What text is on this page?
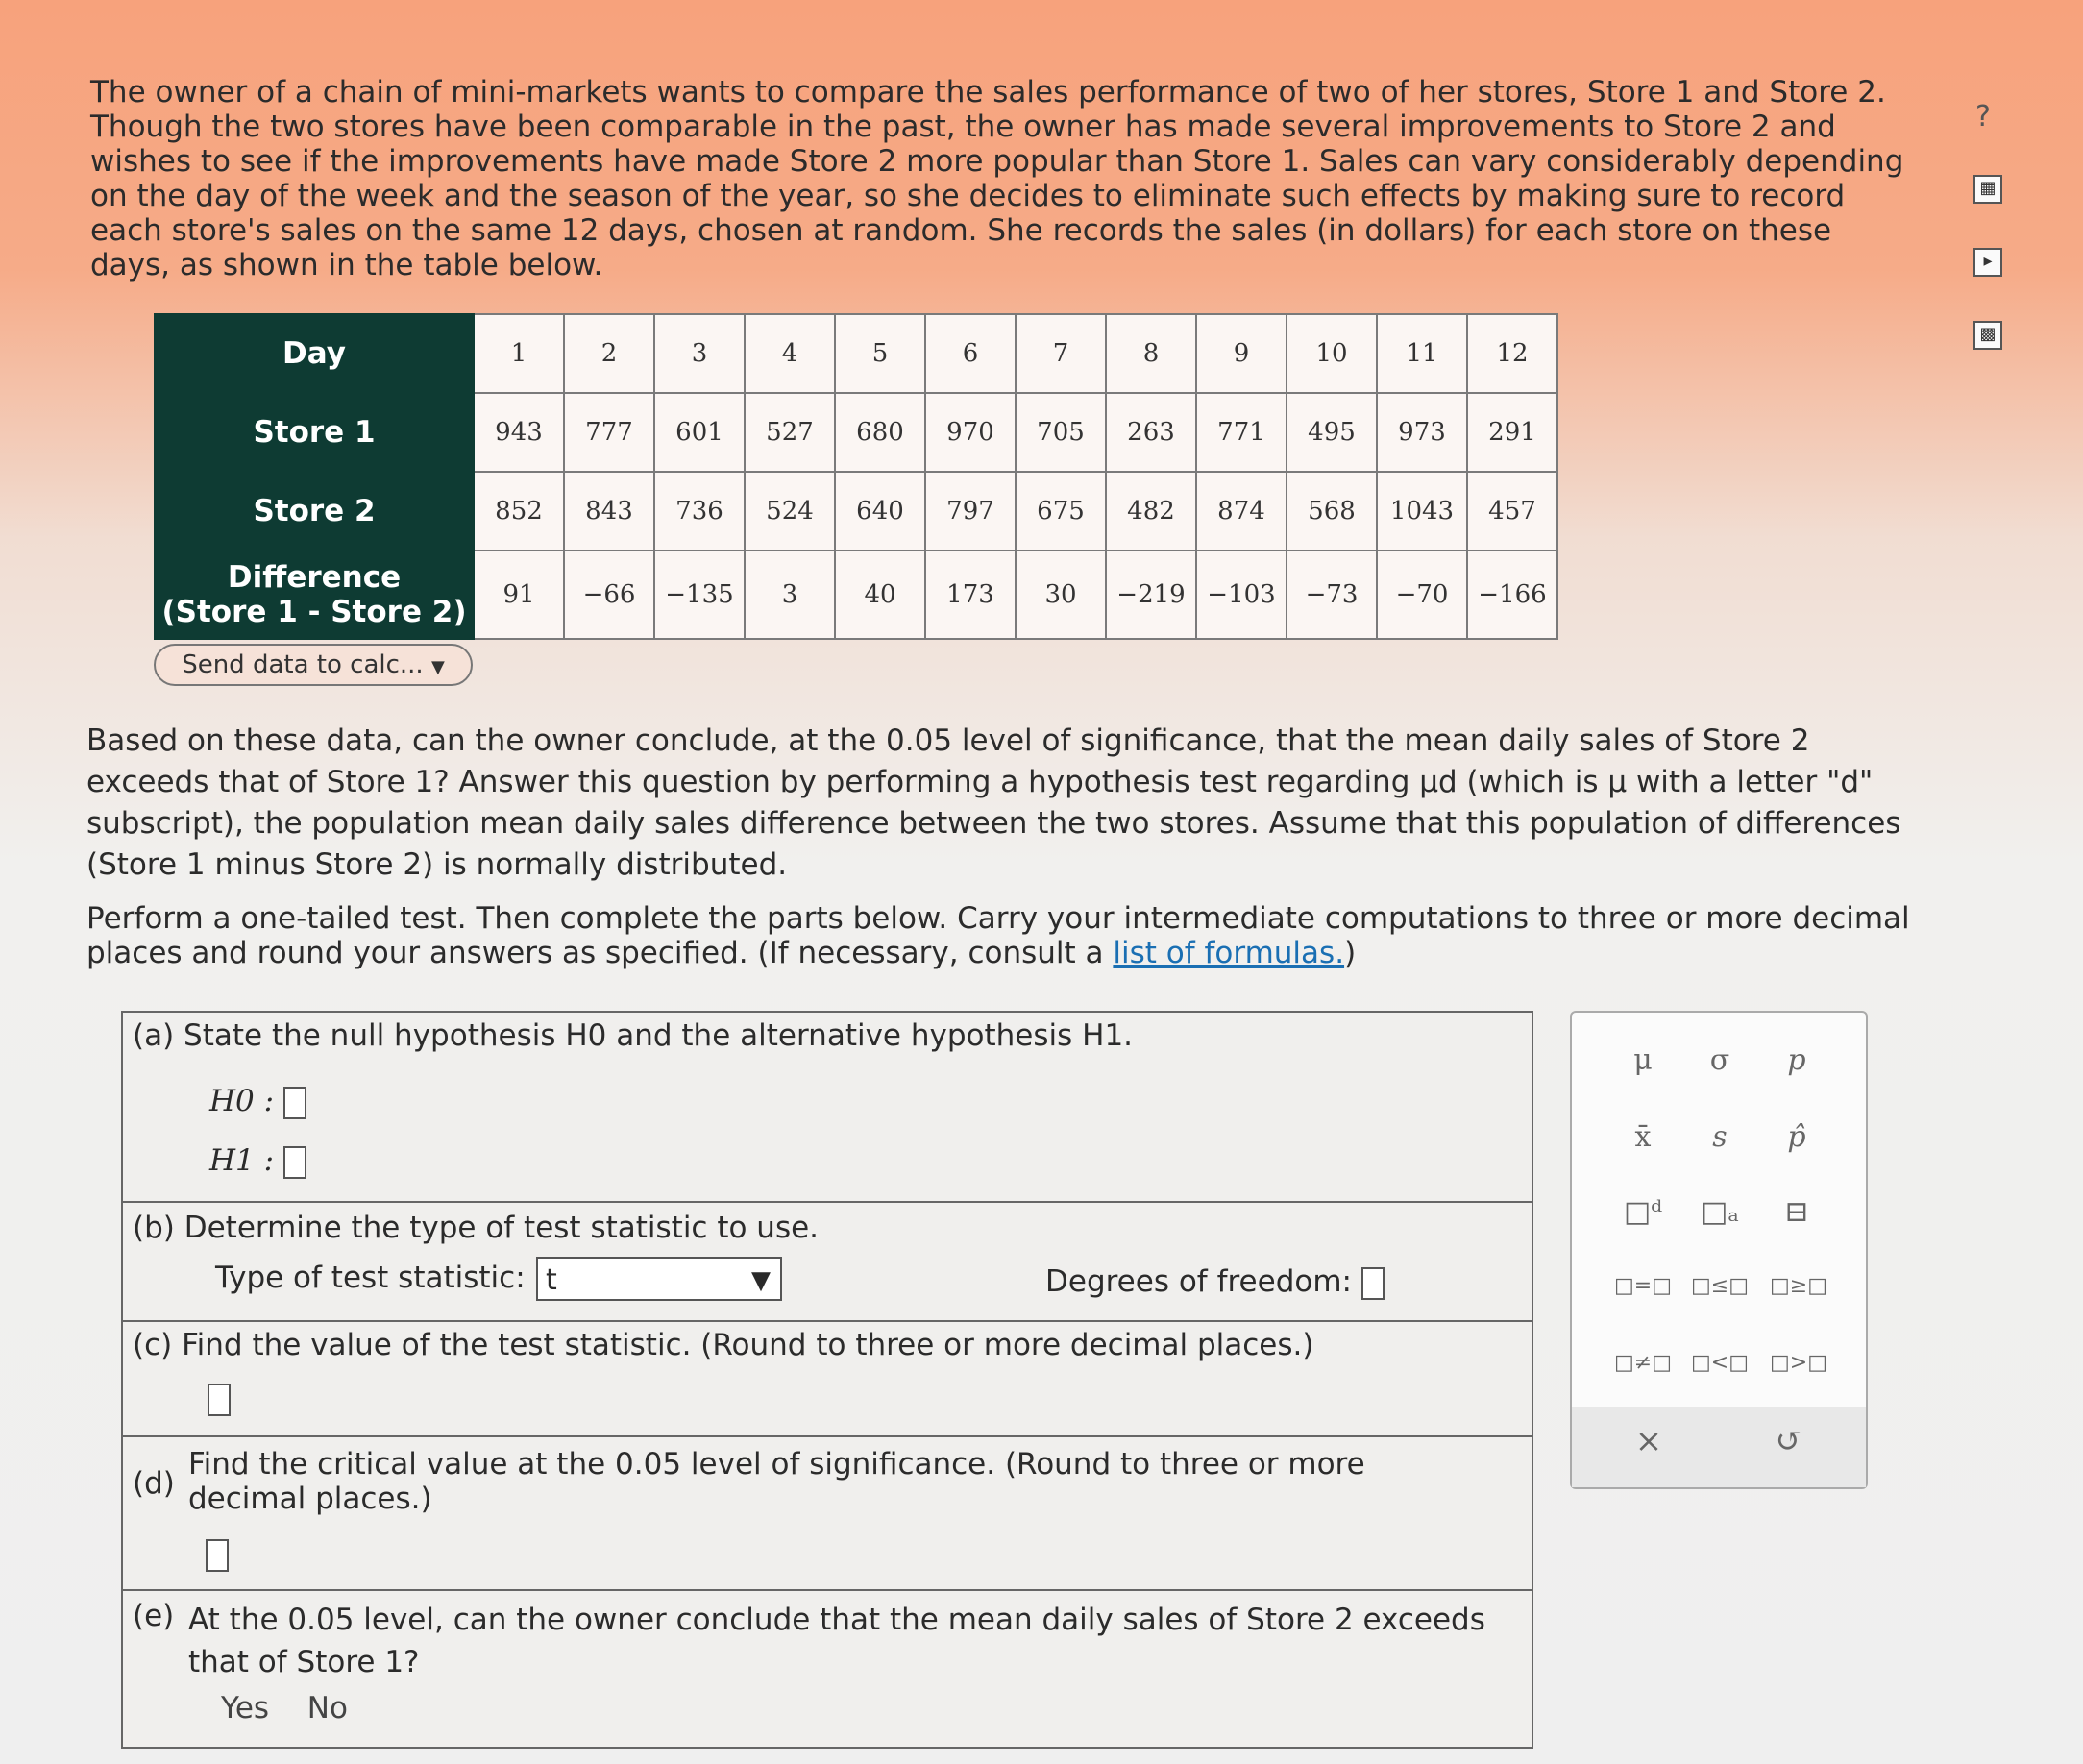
The owner of a chain of mini-markets wants to compare the sales performance of two of her stores, Store 1 and Store 2. Though the two stores have been comparable in the past, the owner has made several improvements to Store 2 and wishes to see if the improvements have made Store 2 more popular than Store 1. Sales can vary considerably depending on the day of the week and the season of the year, so she decides to eliminate such effects by making sure to record each store's sales on the same 12 days, chosen at random. She records the sales (in dollars) for each store on these days, as shown in the table below.
Day	1	2	3	4	5	6	7	8	9	10	11	12
Store 1	943	777	601	527	680	970	705	263	771	495	973	291
Store 2	852	843	736	524	640	797	675	482	874	568	1043	457

Difference
(Store 1 - Store 2)	91	−66	−135	3	40	173	30	−219	−103	−73	−70	−166
Send data to calc... ▼
Based on these data, can the owner conclude, at the 0.05 level of significance, that the mean daily sales of Store 2 exceeds that of Store 1? Answer this question by performing a hypothesis test regarding μd (which is μ with a letter "d" subscript), the population mean daily sales difference between the two stores. Assume that this population of differences (Store 1 minus Store 2) is normally distributed.
Perform a one-tailed test. Then complete the parts below. Carry your intermediate computations to three or more decimal places and round your answers as specified. (If necessary, consult a list of formulas.)
(a) State the null hypothesis H0 and the alternative hypothesis H1.
H0 :
H1 :
(b) Determine the type of test statistic to use.
Type of test statistic: t	▼	Degrees of freedom:
(c) Find the value of the test statistic. (Round to three or more decimal places.)
(d)
Find the critical value at the 0.05 level of significance. (Round to three or more decimal places.)
(e) At the 0.05 level, can the owner conclude that the mean daily sales of Store 2 exceeds that of Store 1?
Yes No
?
▦
▸
▩
μ	σ	p
x̄	s	p̂
□ᵈ	□ₐ	⊟
□=□ □≤□ □≥□
□≠□ □<□ □>□
×	↺
